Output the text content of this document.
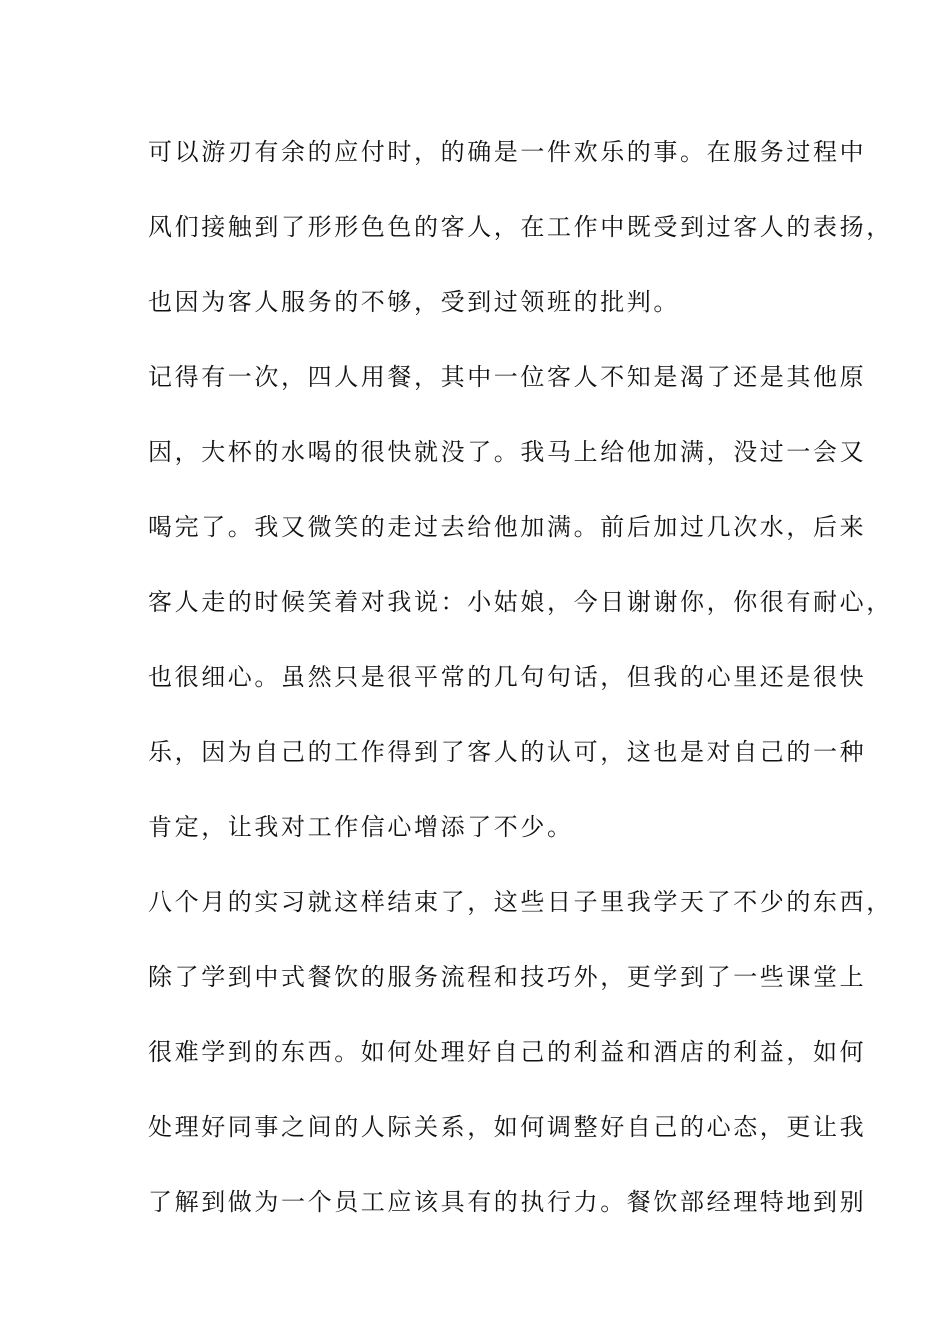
可以游刃有余的应付时，的确是一件欢乐的事。在服务过程中
风们接触到了形形色色的客人，在工作中既受到过客人的表扬，
也因为客人服务的不够，受到过领班的批判。
记得有一次，四人用餐，其中一位客人不知是渴了还是其他原
因，大杯的水喝的很快就没了。我马上给他加满，没过一会又
喝完了。我又微笑的走过去给他加满。前后加过几次水，后来
客人走的时候笑着对我说：小姑娘，今日谢谢你，你很有耐心，
也很细心。虽然只是很平常的几句句话，但我的心里还是很快
乐，因为自己的工作得到了客人的认可，这也是对自己的一种
肯定，让我对工作信心增添了不少。
八个月的实习就这样结束了，这些日子里我学天了不少的东西，
除了学到中式餐饮的服务流程和技巧外，更学到了一些课堂上
很难学到的东西。如何处理好自己的利益和酒店的利益，如何
处理好同事之间的人际关系，如何调整好自己的心态，更让我
了解到做为一个员工应该具有的执行力。餐饮部经理特地到别
